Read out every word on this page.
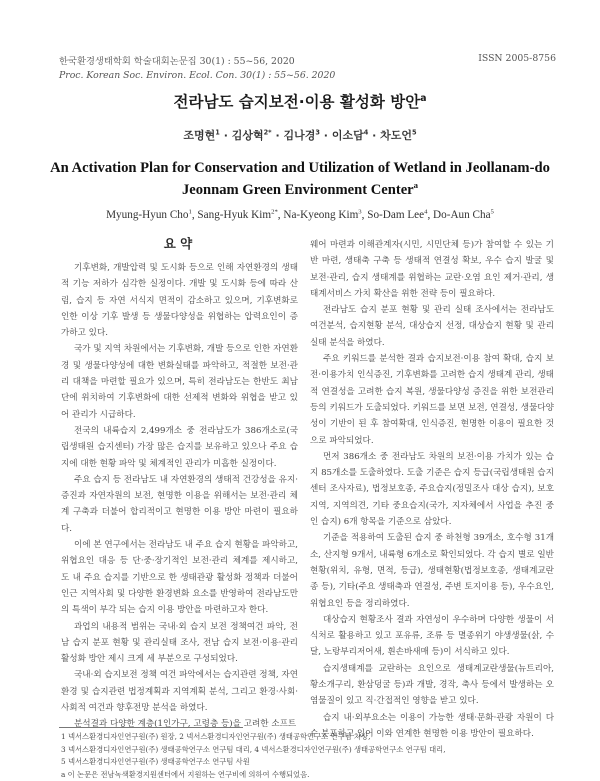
한국환경생태학회 학술대회논문집 30(1) : 55~56, 2020
Proc. Korean Soc. Environ. Ecol. Con. 30(1) : 55~56. 2020
ISSN 2005-8756
전라남도 습지보전·이용 활성화 방안$^a$
조명현$^1$ · 김상혁$^{2*}$ · 김나경$^3$ · 이소담$^4$ · 차도언$^5$
An Activation Plan for Conservation and Utilization of Wetland in Jeollanam-do
Jeonnam Green Environment Center$^a$
Myung-Hyun Cho$^1$, Sang-Hyuk Kim$^{2*}$, Na-Kyeong Kim$^3$, So-Dam Lee$^4$, Do-Aun Cha$^5$
요 약

기후변화, 개발압력 및 도시화 등으로 인해 자연환경의 생태적 기능 저하가 심각한 실정이다. 개발 및 도시화 등에 따라 산림, 습지 등 자연 서식지 면적이 감소하고 있으며, 기후변화로 인한 이상 기후 발생 등 생물다양성을 위협하는 압력요인이 증가하고 있다.

국가 및 지역 차원에서는 기후변화, 개발 등으로 인한 자연환경 및 생물다양성에 대한 변화실태를 파악하고, 적절한 보전·관리 대책을 마련할 필요가 있으며, 특히 전라남도는 한반도 최남단에 위치하여 기후변화에 대한 선제적 변화와 위협을 받고 있어 관리가 시급하다.

전국의 내륙습지 2,499개소 중 전라남도가 386개소로(국립생태원 습지센터) 가장 많은 습지를 보유하고 있으나 주요 습지에 대한 현황 파악 및 체계적인 관리가 미흡한 실정이다.

주요 습지 등 전라남도 내 자연환경의 생태적 건강성을 유지·증진과 자연자원의 보전, 현명한 이용을 위해서는 보전·관리 체계 구축과 더불어 합리적이고 현명한 이용 방안 마련이 필요하다.

이에 본 연구에서는 전라남도 내 주요 습지 현황을 파악하고, 위협요인 대응 등 단·중·장기적인 보전·관리 체계를 제시하고, 도 내 주요 습지를 기반으로 한 생태관광 활성화 정책과 더불어 인근 지역사회 및 다양한 환경변화 요소를 반영하여 전라남도만의 특색이 부각 되는 습지 이용 방안을 마련하고자 한다.

과업의 내용적 범위는 국내·외 습지 보전 정책여건 파악, 전남 습지 분포 현황 및 관리실태 조사, 전남 습지 보전·이용·관리 활성화 방안 제시 크게 세 부분으로 구성되었다.

국내·외 습지보전 정책 여건 파악에서는 습지관련 정책, 자연환경 및 습지관련 법정계획과 지역계획 분석, 그리고 환경·사회·사회적 여건과 향후전망 분석을 하였다.

분석결과 다양한 계층(1인가구, 고령층 등)을 고려한 소프트

웨어 마련과 이해관계자(시민, 시민단체 등)가 참여할 수 있는 기반 마련, 생태축 구축 등 생태적 연결성 확보, 우수 습지 발굴 및 보전·관리, 습지 생태계를 위협하는 교란·오염 요인 제거·관리, 생태계서비스 가치 확산을 위한 전략 등이 필요하다.

전라남도 습지 분포 현황 및 관리 실태 조사에서는 전라남도 여건분석, 습지현황 분석, 대상습지 선정, 대상습지 현황 및 관리 실태 분석을 하였다.

주요 키워드를 분석한 결과 습지보전·이용 참여 확대, 습지 보전·이용가치 인식증진, 기후변화를 고려한 습지 생태계 관리, 생태적 연결성을 고려한 습지 복원, 생물다양성 증진을 위한 보전관리 등의 키워드가 도출되었다. 키워드를 보면 보전, 연결성, 생물다양성이 기반이 된 후 참여확대, 인식증진, 현명한 이용이 필요한 것으로 파악되었다.

먼저 386개소 중 전라남도 차원의 보전·이용 가치가 있는 습지 85개소를 도출하였다. 도출 기준은 습지 등급(국립생태원 습지센터 조사자료), 법정보호종, 주요습지(정밀조사 대상 습지), 보호지역, 지역의견, 기타 중요습지(국가, 지자체에서 사업을 추진 중인 습지) 6개 항목을 기준으로 삼았다.

기준을 적용하여 도출된 습지 중 하천형 39개소, 호수형 31개소, 산지형 9개서, 내륙형 6개소로 확인되었다. 각 습지 별로 일반현황(위치, 유형, 면적, 등급), 생태현황(법정보호종, 생태계교란종 등), 기타(주요 생태축과 연결성, 주변 토지이용 등), 우수요인, 위협요인 등을 정리하였다.

대상습지 현황조사 결과 자연성이 우수하며 다양한 생물이 서식처로 활용하고 있고 포유류, 조류 등 멸종위기 야생생물(삵, 수달, 노랑부리저어새, 흰손바새매 등)이 서식하고 있다.

습지생태계를 교란하는 요인으로 생태계교란생물(뉴트리아, 황소개구리, 환삼덩굴 등)과 개발, 경작, 축사 등에서 발생하는 오염물질이 있고 직·간접적인 영향을 받고 있다.

습지 내·외부요소는 이용이 가능한 생태·문화·관광 자원이 다수 분포하고 있어 이와 연계한 현명한 이용 방안이 필요하다.

1 넥서스환경디자인연구원(주) 원장, 2 넥서스환경디자인연구원(주) 생태공학연구소 연구팀 차장,
3 넥서스환경디자인연구원(주) 생태공학연구소 연구팀 대리, 4 넥서스환경디자인연구원(주) 생태공학연구소 연구팀 대리,
5 넥서스환경디자인연구원(주) 생태공학연구소 연구팀 사원
a 이 논문은 전남녹색환경지원센터에서 지원하는 연구비에 의하여 수행되었음.
